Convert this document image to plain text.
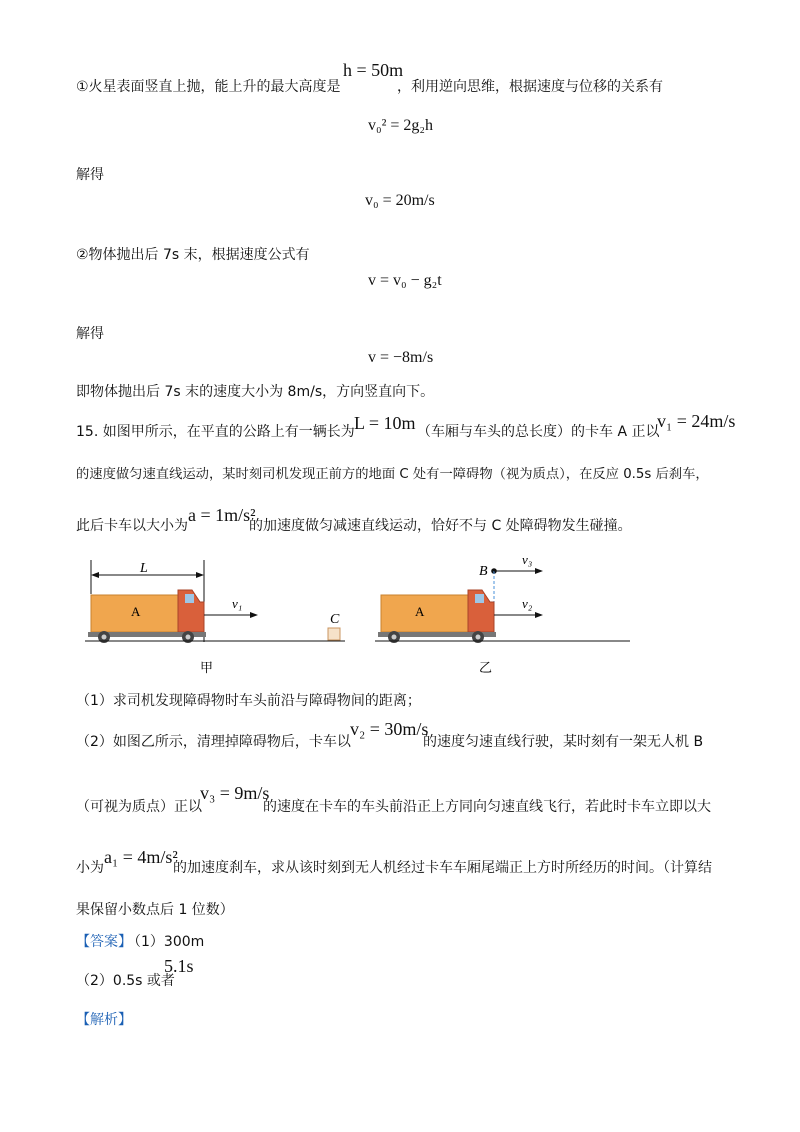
①火星表面竖直上抛，能上升的最大高度是
h = 50m
，利用逆向思维，根据速度与位移的关系有
v₀² = 2g₂h
解得
v₀ = 20m/s
②物体抛出后 7s 末，根据速度公式有
v = v₀ − g₂t
解得
v = −8m/s
即物体抛出后 7s 末的速度大小为 8m/s，方向竖直向下。
15. 如图甲所示，在平直的公路上有一辆长为 L = 10m （车厢与车头的总长度）的卡车 A 正以
v₁ = 24m/s
的速度做匀速直线运动，某时刻司机发现正前方的地面 C 处有一障碍物（视为质点），在反应 0.5s 后刹车，
此后卡车以大小为
a = 1m/s²
的加速度做匀减速直线运动，恰好不与 C 处障碍物发生碰撞。
L
A
v₁
C
甲
B
v₃
A
v₂
乙
（1）求司机发现障碍物时车头前沿与障碍物间的距离；
（2）如图乙所示，清理掉障碍物后，卡车以
v₂ = 30m/s
的速度匀速直线行驶，某时刻有一架无人机 B
（可视为质点）正以
v₃ = 9m/s
的速度在卡车的车头前沿正上方同向匀速直线飞行，若此时卡车立即以大
小为
a₁ = 4m/s²
的加速度刹车，求从该时刻到无人机经过卡车车厢尾端正上方时所经历的时间。（计算结
果保留小数点后 1 位数）
【答案】
（1）300m
（2）0.5s 或者
5.1s
【解析】
